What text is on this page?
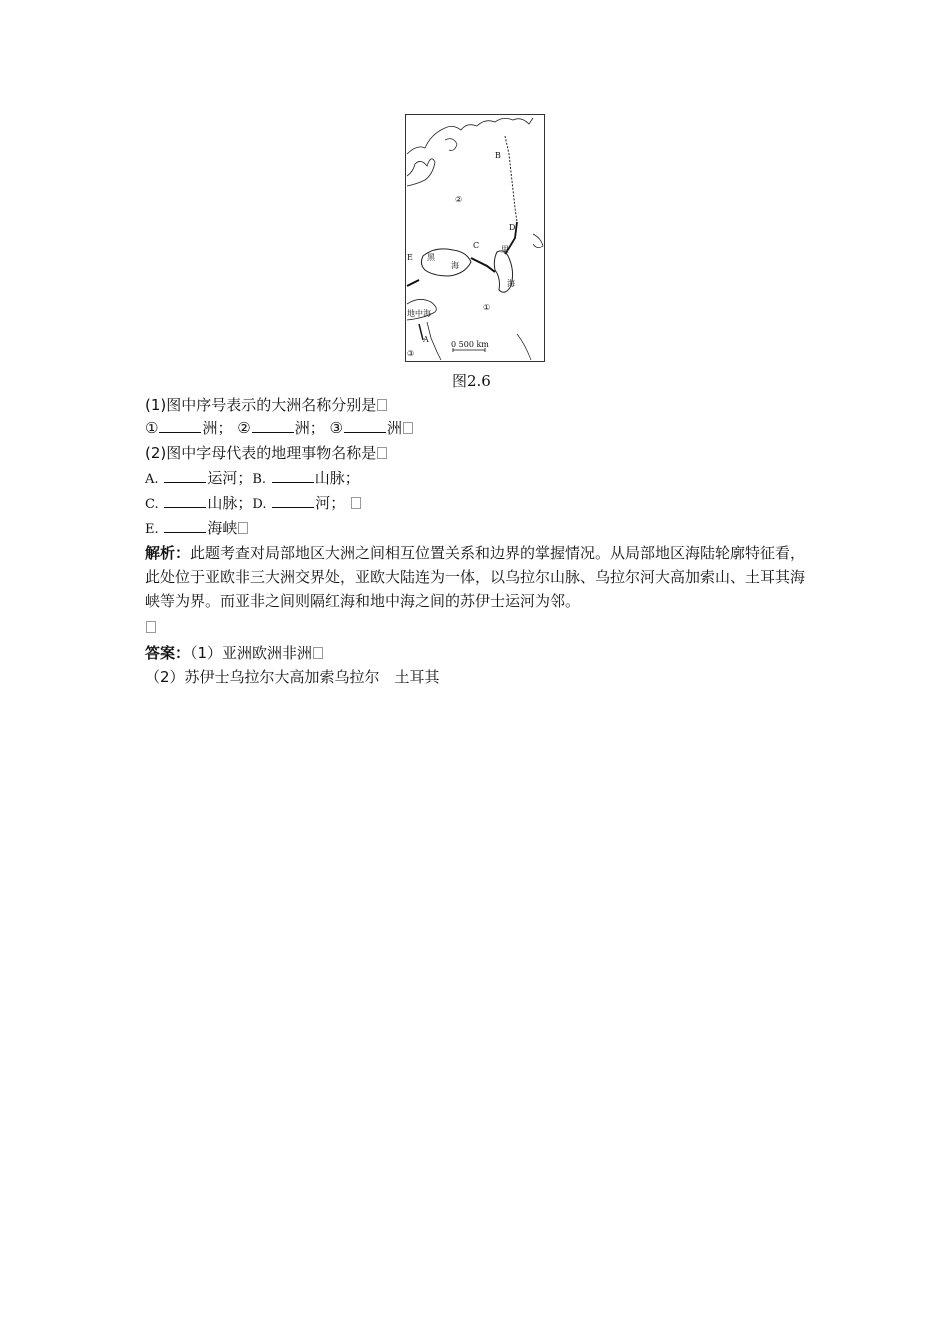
B
D
C
E
A
②
①
③
黑
海
里
海
地中海
0 500 km
图2.6
(1)图中序号表示的大洲名称分别是
①	洲； ②	洲； ③	洲
(2)图中字母代表的地理事物名称是
A.	运河；B.	山脉；
C.	山脉；D.	河；
E.	海峡
解析：此题考查对局部地区大洲之间相互位置关系和边界的掌握情况。从局部地区海陆轮廓特征看，此处位于亚欧非三大洲交界处，亚欧大陆连为一体，以乌拉尔山脉、乌拉尔河大高加索山、土耳其海峡等为界。而亚非之间则隔红海和地中海之间的苏伊士运河为邻。
答案：（1）亚洲欧洲非洲
（2）苏伊士乌拉尔大高加索乌拉尔　土耳其
